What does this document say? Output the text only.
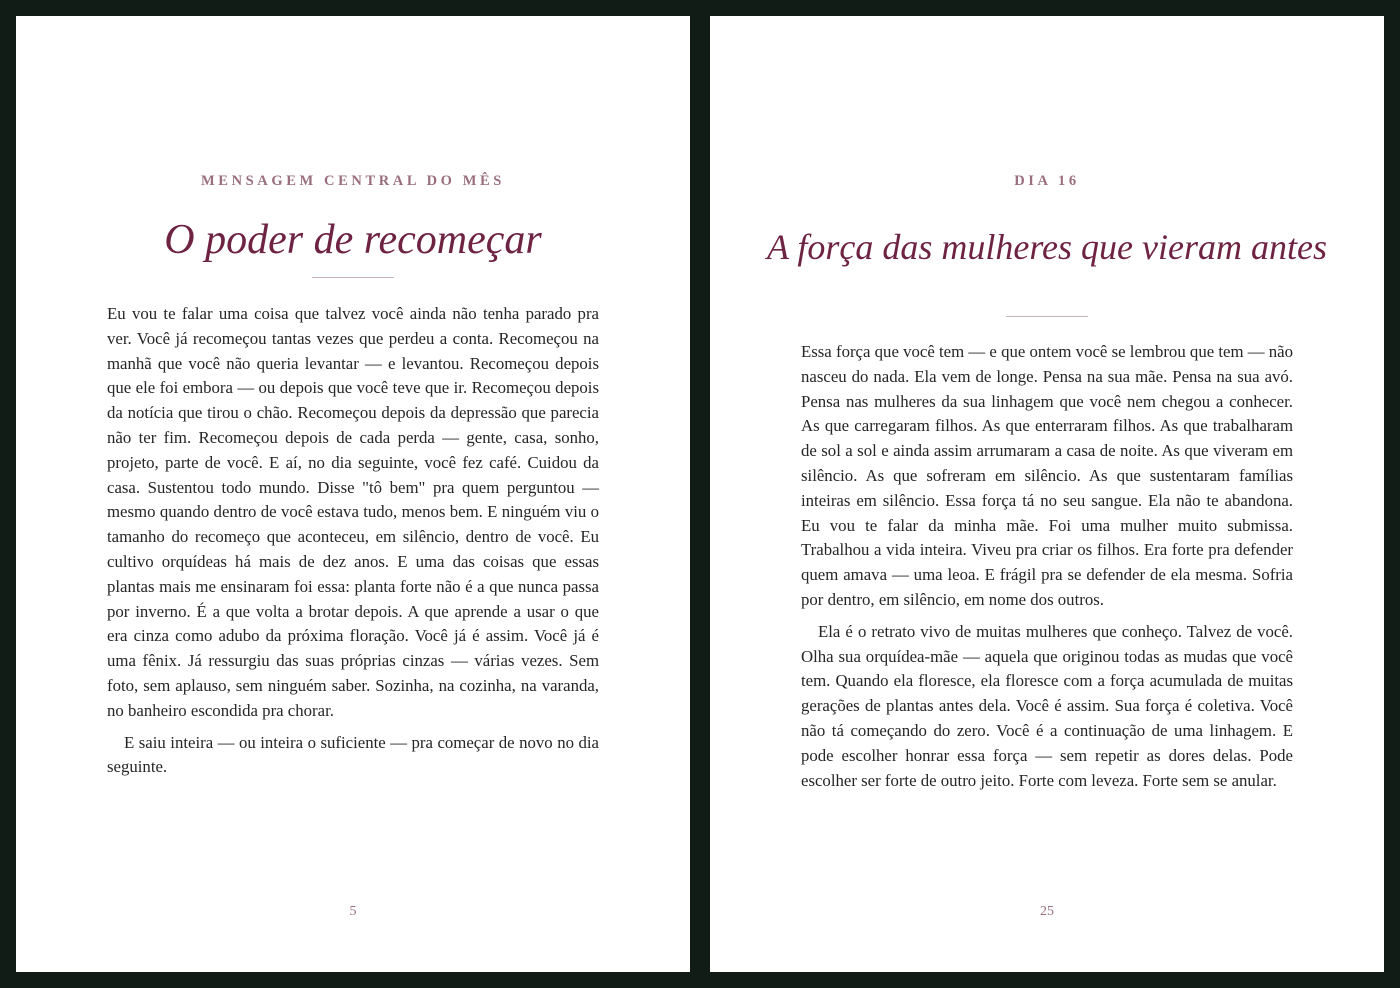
MENSAGEM CENTRAL DO MÊS
O poder de recomeçar

Eu vou te falar uma coisa que talvez você ainda não tenha parado pra ver. Você já recomeçou tantas vezes que perdeu a conta. Recomeçou na manhã que você não queria levantar — e levantou. Recomeçou depois que ele foi embora — ou depois que você teve que ir. Recomeçou depois da notícia que tirou o chão. Recomeçou depois da depressão que parecia não ter fim. Recomeçou depois de cada perda — gente, casa, sonho, projeto, parte de você. E aí, no dia seguinte, você fez café. Cuidou da casa. Sustentou todo mundo. Disse "tô bem" pra quem perguntou — mesmo quando dentro de você estava tudo, menos bem. E ninguém viu o tamanho do recomeço que aconteceu, em silêncio, dentro de você. Eu cultivo orquídeas há mais de dez anos. E uma das coisas que essas plantas mais me ensinaram foi essa: planta forte não é a que nunca passa por inverno. É a que volta a brotar depois. A que aprende a usar o que era cinza como adubo da próxima floração. Você já é assim. Você já é uma fênix. Já ressurgiu das suas próprias cinzas — várias vezes. Sem foto, sem aplauso, sem ninguém saber. Sozinha, na cozinha, na varanda, no banheiro escondida pra chorar.

E saiu inteira — ou inteira o suficiente — pra começar de novo no dia seguinte.

5
DIA 16
A força das mulheres que vieram antes

Essa força que você tem — e que ontem você se lembrou que tem — não nasceu do nada. Ela vem de longe. Pensa na sua mãe. Pensa na sua avó. Pensa nas mulheres da sua linhagem que você nem chegou a conhecer. As que carregaram filhos. As que enterraram filhos. As que trabalharam de sol a sol e ainda assim arrumaram a casa de noite. As que viveram em silêncio. As que sofreram em silêncio. As que sustentaram famílias inteiras em silêncio. Essa força tá no seu sangue. Ela não te abandona. Eu vou te falar da minha mãe. Foi uma mulher muito submissa. Trabalhou a vida inteira. Viveu pra criar os filhos. Era forte pra defender quem amava — uma leoa. E frágil pra se defender de ela mesma. Sofria por dentro, em silêncio, em nome dos outros.

Ela é o retrato vivo de muitas mulheres que conheço. Talvez de você. Olha sua orquídea-mãe — aquela que originou todas as mudas que você tem. Quando ela floresce, ela floresce com a força acumulada de muitas gerações de plantas antes dela. Você é assim. Sua força é coletiva. Você não tá começando do zero. Você é a continuação de uma linhagem. E pode escolher honrar essa força — sem repetir as dores delas. Pode escolher ser forte de outro jeito. Forte com leveza. Forte sem se anular.

25
